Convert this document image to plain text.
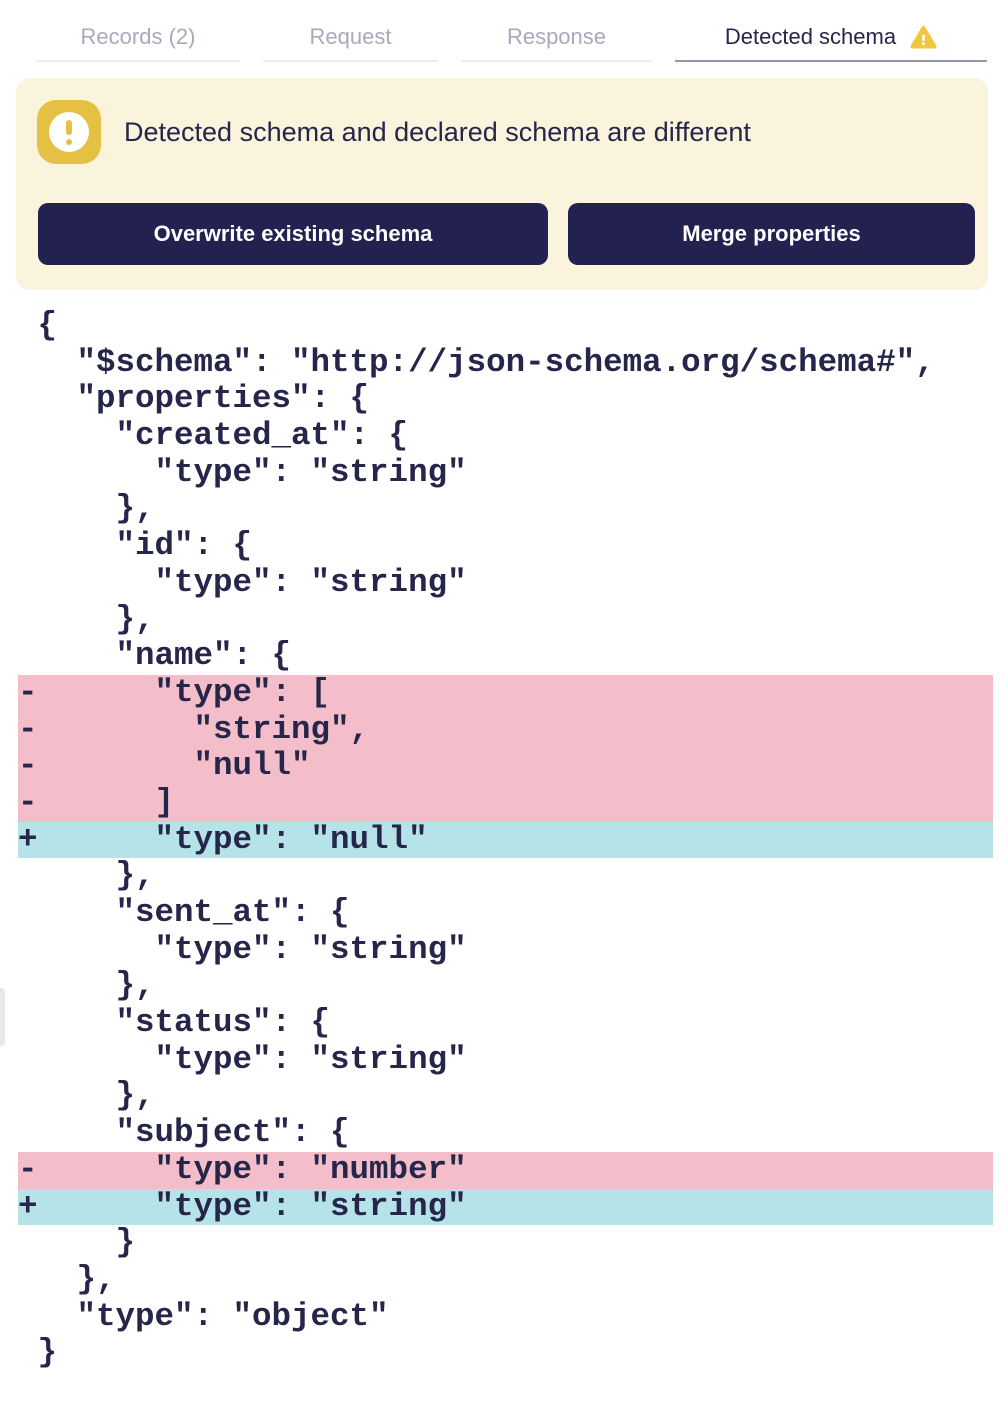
Records (2)	Request	Response	Detected schema
Detected schema and declared schema are different
Overwrite existing schema	Merge properties
{
"$schema": "http://json-schema.org/schema#",
"properties": {
"created_at": {
"type": "string"
},
"id": {
"type": "string"
},
"name": {
-      "type": [
-        "string",
-        "null"
-      ]
+      "type": "null"
},
"sent_at": {
"type": "string"
},
"status": {
"type": "string"
},
"subject": {
-      "type": "number"
+      "type": "string"
}
},
"type": "object"
}
